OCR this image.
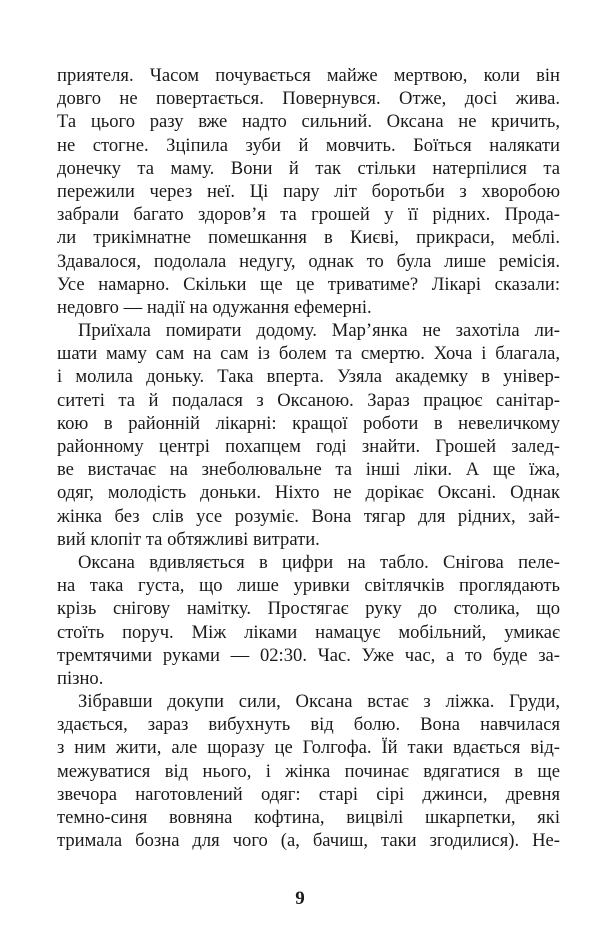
приятеля. Часом почувається майже мертвою, коли він
довго не повертається. Повернувся. Отже, досі жива.
Та цього разу вже надто сильний. Оксана не кричить,
не стогне. Зціпила зуби й мовчить. Боїться налякати
донечку та маму. Вони й так стільки натерпілися та
пережили через неї. Ці пару літ боротьби з хворобою
забрали багато здоров’я та грошей у її рідних. Прода-
ли трикімнатне помешкання в Києві, прикраси, меблі.
Здавалося, подолала недугу, однак то була лише ремісія.
Усе намарно. Скільки ще це триватиме? Лікарі сказали:
недовго — надії на одужання ефемерні.
Приїхала помирати додому. Мар’янка не захотіла ли-
шати маму сам на сам із болем та смертю. Хоча і благала,
і молила доньку. Така вперта. Узяла академку в універ-
ситеті та й подалася з Оксаною. Зараз працює санітар-
кою в районній лікарні: кращої роботи в невеличкому
районному центрі похапцем годі знайти. Грошей залед-
ве вистачає на знеболювальне та інші ліки. А ще їжа,
одяг, молодість доньки. Ніхто не дорікає Оксані. Однак
жінка без слів усе розуміє. Вона тягар для рідних, зай-
вий клопіт та обтяжливі витрати.
Оксана вдивляється в цифри на табло. Снігова пеле-
на така густа, що лише уривки світлячків проглядають
крізь снігову намітку. Простягає руку до столика, що
стоїть поруч. Між ліками намацує мобільний, умикає
тремтячими руками — 02:30. Час. Уже час, а то буде за-
пізно.
Зібравши докупи сили, Оксана встає з ліжка. Груди,
здається, зараз вибухнуть від болю. Вона навчилася
з ним жити, але щоразу це Голгофа. Їй таки вдається від-
межуватися від нього, і жінка починає вдягатися в ще
звечора наготовлений одяг: старі сірі джинси, древня
темно-синя вовняна кофтина, вицвілі шкарпетки, які
тримала бозна для чого (а, бачиш, таки згодилися). Не-
9
